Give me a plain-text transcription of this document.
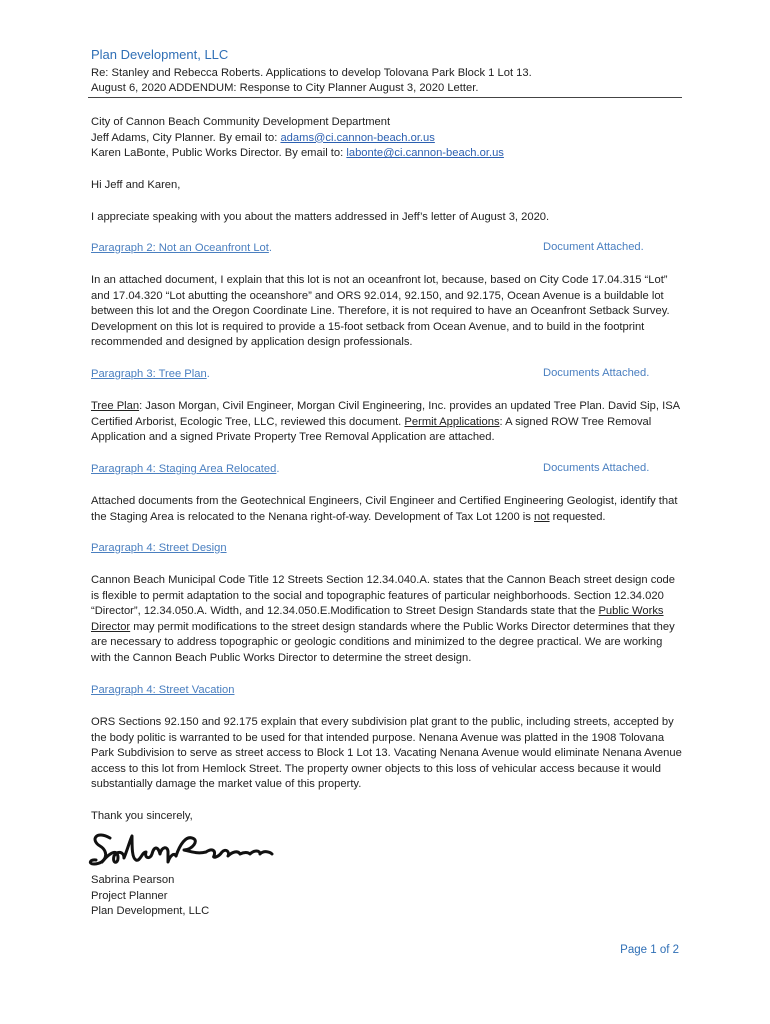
Plan Development, LLC
Re: Stanley and Rebecca Roberts. Applications to develop Tolovana Park Block 1 Lot 13.
August 6, 2020 ADDENDUM: Response to City Planner August 3, 2020 Letter.
City of Cannon Beach Community Development Department
Jeff Adams, City Planner. By email to: adams@ci.cannon-beach.or.us
Karen LaBonte, Public Works Director. By email to: labonte@ci.cannon-beach.or.us
Hi Jeff and Karen,
I appreciate speaking with you about the matters addressed in Jeff’s letter of August 3, 2020.
Paragraph 2: Not an Oceanfront Lot.	Document Attached.
In an attached document, I explain that this lot is not an oceanfront lot, because, based on City Code 17.04.315 “Lot” and 17.04.320 “Lot abutting the oceanshore” and ORS 92.014, 92.150, and 92.175, Ocean Avenue is a buildable lot between this lot and the Oregon Coordinate Line. Therefore, it is not required to have an Oceanfront Setback Survey. Development on this lot is required to provide a 15-foot setback from Ocean Avenue, and to build in the footprint recommended and designed by application design professionals.
Paragraph 3: Tree Plan.	Documents Attached.
Tree Plan: Jason Morgan, Civil Engineer, Morgan Civil Engineering, Inc. provides an updated Tree Plan. David Sip, ISA Certified Arborist, Ecologic Tree, LLC, reviewed this document. Permit Applications: A signed ROW Tree Removal Application and a signed Private Property Tree Removal Application are attached.
Paragraph 4: Staging Area Relocated.	Documents Attached.
Attached documents from the Geotechnical Engineers, Civil Engineer and Certified Engineering Geologist, identify that the Staging Area is relocated to the Nenana right-of-way. Development of Tax Lot 1200 is not requested.
Paragraph 4: Street Design
Cannon Beach Municipal Code Title 12 Streets Section 12.34.040.A. states that the Cannon Beach street design code is flexible to permit adaptation to the social and topographic features of particular neighborhoods. Section 12.34.020 “Director”, 12.34.050.A. Width, and 12.34.050.E.Modification to Street Design Standards state that the Public Works Director may permit modifications to the street design standards where the Public Works Director determines that they are necessary to address topographic or geologic conditions and minimized to the degree practical. We are working with the Cannon Beach Public Works Director to determine the street design.
Paragraph 4: Street Vacation
ORS Sections 92.150 and 92.175 explain that every subdivision plat grant to the public, including streets, accepted by the body politic is warranted to be used for that intended purpose. Nenana Avenue was platted in the 1908 Tolovana Park Subdivision to serve as street access to Block 1 Lot 13. Vacating Nenana Avenue would eliminate Nenana Avenue access to this lot from Hemlock Street. The property owner objects to this loss of vehicular access because it would substantially damage the market value of this property.
Thank you sincerely,
Sabrina Pearson
Project Planner
Plan Development, LLC
Page 1 of 2
